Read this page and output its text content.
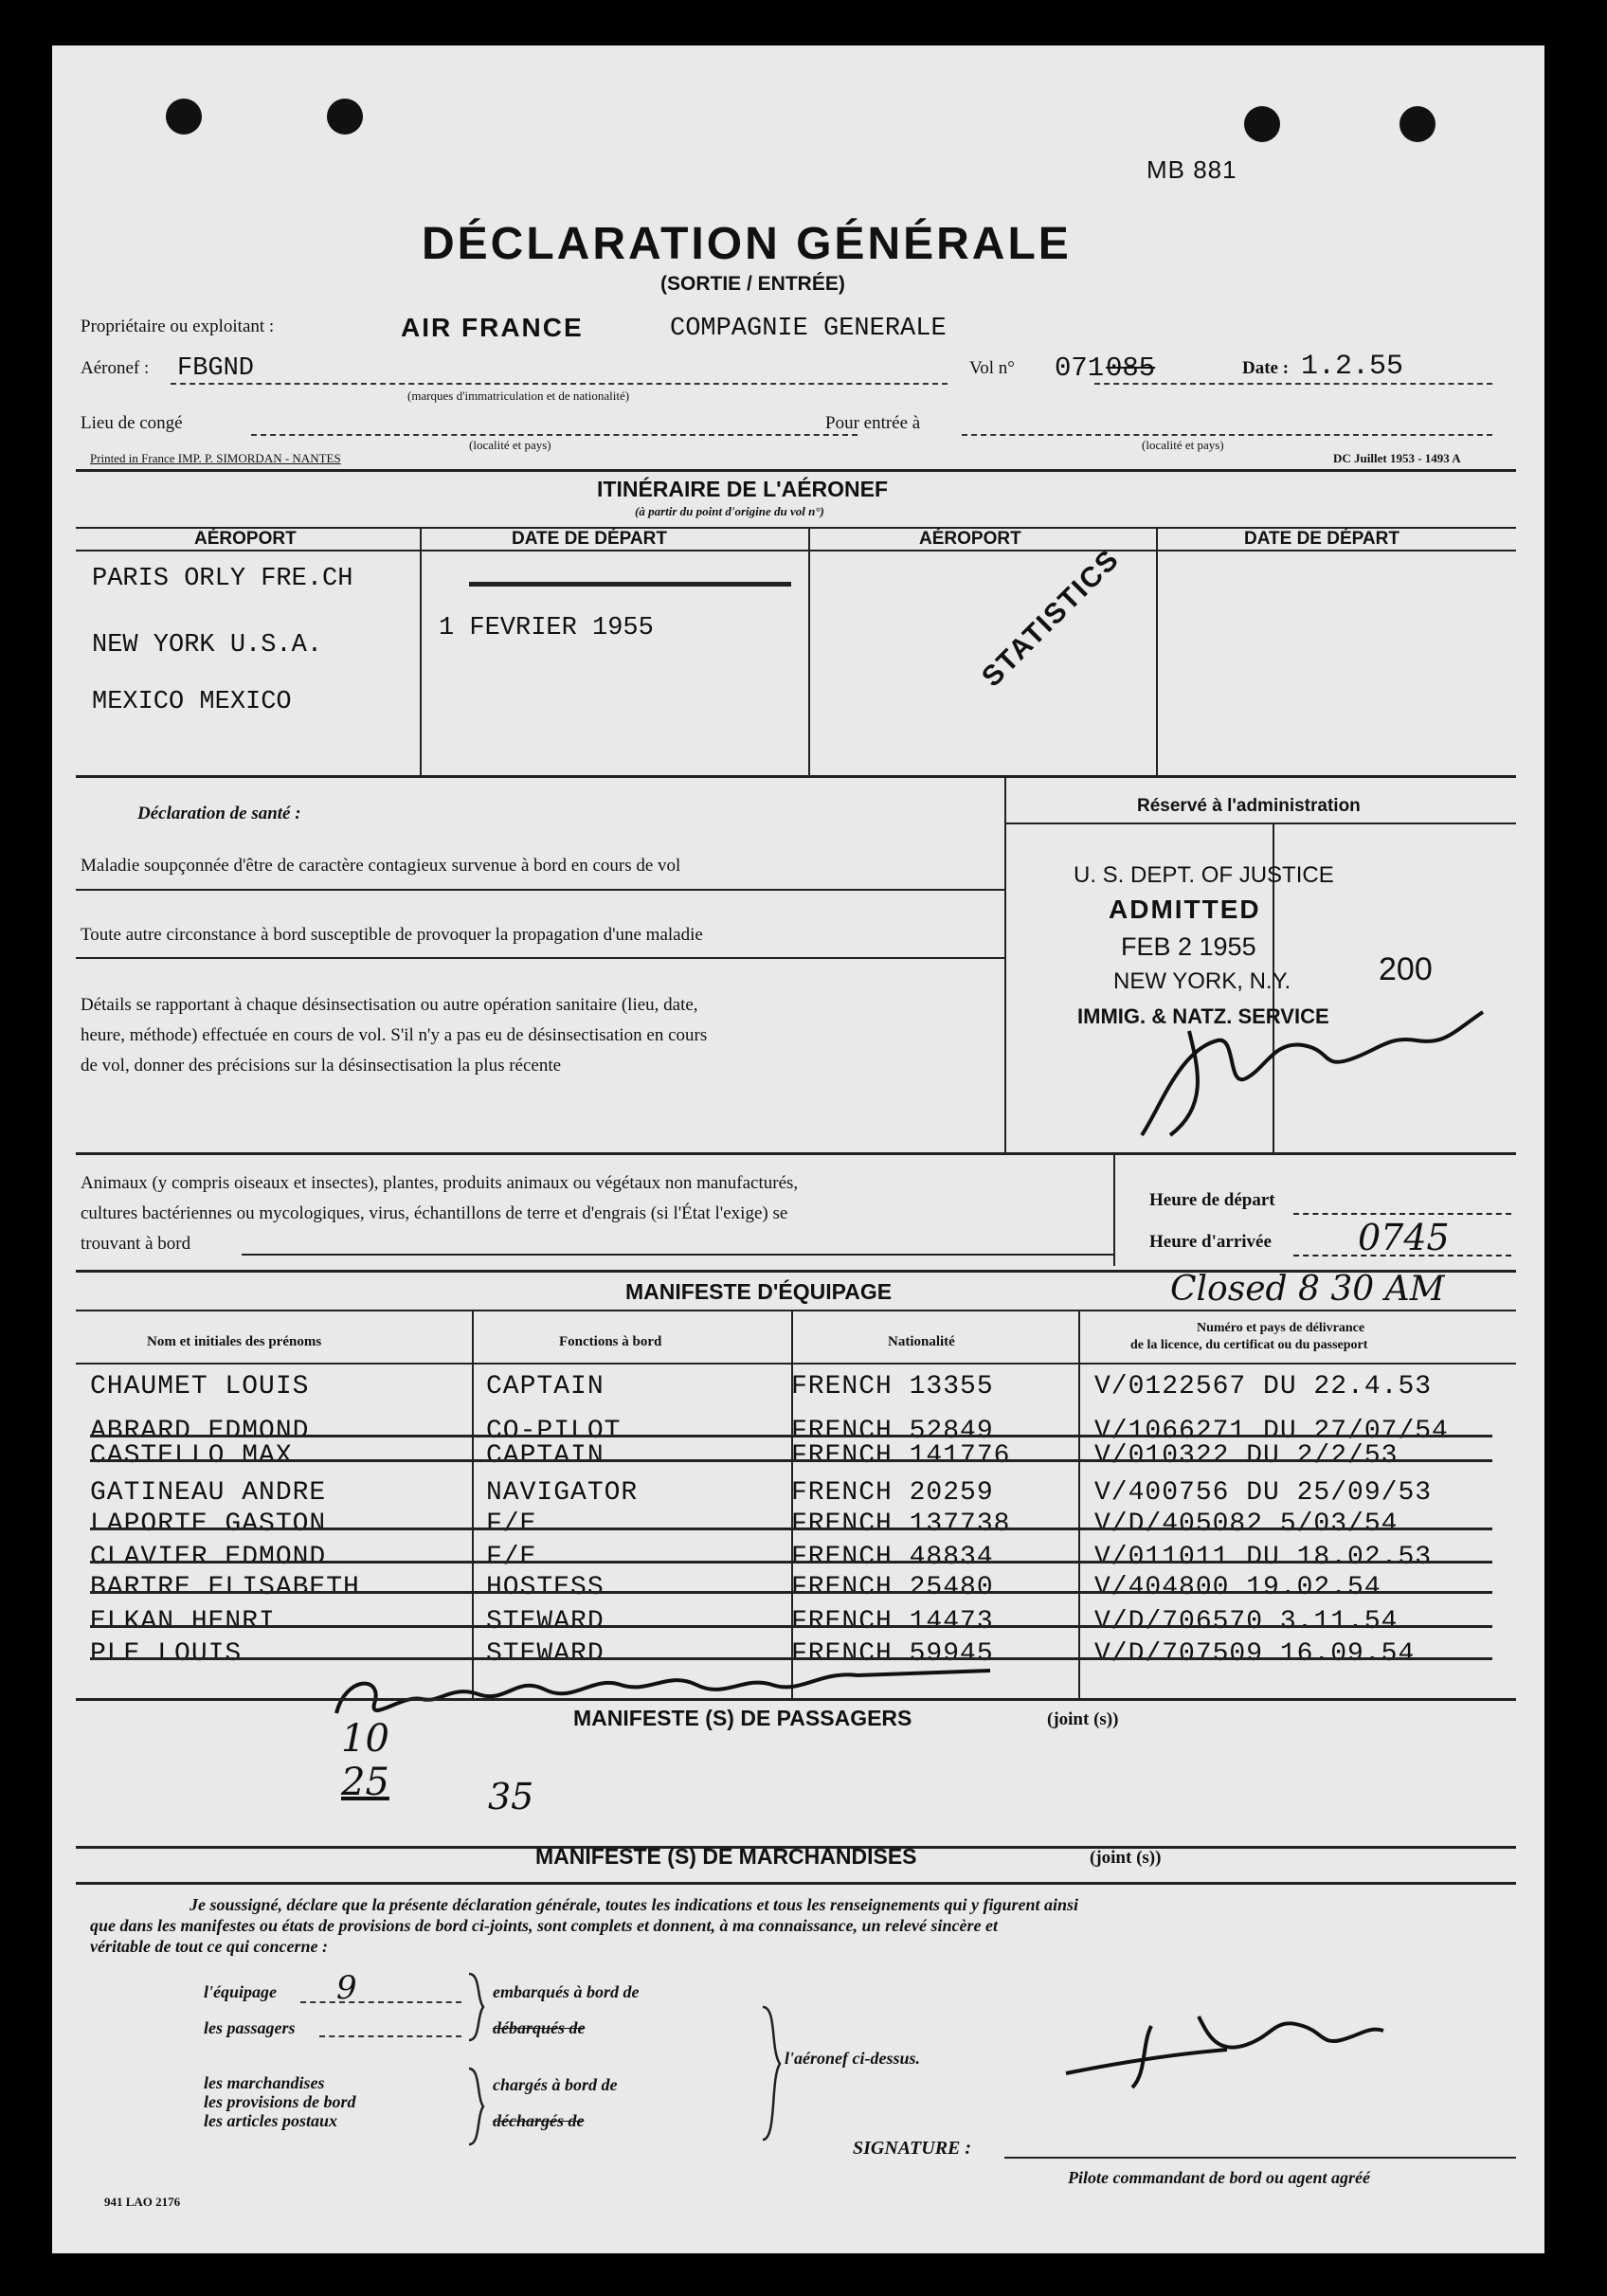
MB 881
DÉCLARATION GÉNÉRALE
(SORTIE / ENTRÉE)
Propriétaire ou exploitant :	AIR FRANCE	COMPAGNIE GENERALE
Aéronef : FBGND
(marques d'immatriculation et de nationalité)
Vol n° 071 085	Date : 1.2.55
Lieu de congé
(localité et pays)
Pour entrée à
(localité et pays)
Printed in France IMP. P. SIMORDAN - NANTES	DC Juillet 1953 - 1493 A
ITINÉRAIRE DE L'AÉRONEF
(à partir du point d'origine du vol n°)
AÉROPORT	DATE DE DÉPART	AÉROPORT	DATE DE DÉPART
PARIS ORLY FRE.CH
NEW YORK U.S.A.
1 FEVRIER 1955
MEXICO MEXICO
STATISTICS
Déclaration de santé :
Maladie soupçonnée d'être de caractère contagieux survenue à bord en cours de vol
Toute autre circonstance à bord susceptible de provoquer la propagation d'une maladie
Détails se rapportant à chaque désinsectisation ou autre opération sanitaire (lieu, date,
heure, méthode) effectuée en cours de vol. S'il n'y a pas eu de désinsectisation en cours
de vol, donner des précisions sur la désinsectisation la plus récente
Réservé à l'administration
U. S. DEPT. OF JUSTICE
ADMITTED
FEB 2 1955
NEW YORK, N.Y.
IMMIG. & NATZ. SERVICE
200
Animaux (y compris oiseaux et insectes), plantes, produits animaux ou végétaux non manufacturés,
cultures bactériennes ou mycologiques, virus, échantillons de terre et d'engrais (si l'État l'exige) se
trouvant à bord
Heure de départ
Heure d'arrivée 0745
MANIFESTE D'ÉQUIPAGE	Closed 8 30 AM
Nom et initiales des prénoms	Fonctions à bord	Nationalité
Numéro et pays de délivrance
de la licence, du certificat ou du passeport
CHAUMET LOUIS	CAPTAIN	FRENCH 13355	V/0122567 DU 22.4.53
ABRARD EDMOND	CO-PILOT	FRENCH 52849	V/1066271 DU 27/07/54
CASTELLO MAX	CAPTAIN	FRENCH 141776	V/010322 DU 2/2/53
GATINEAU ANDRE	NAVIGATOR	FRENCH 20259	V/400756 DU 25/09/53
LAPORTE GASTON	F/E	FRENCH 137738	V/D/405082 5/03/54
CLAVIER EDMOND	F/E	FRENCH 48834	V/011011 DU 18.02.53
BARTRE ELISABETH	HOSTESS	FRENCH 25480	V/404800 19.02.54
ELKAN HENRI	STEWARD	FRENCH 14473	V/D/706570 3.11.54
PLE LOUIS	STEWARD	FRENCH 59945	V/D/707509 16.09.54
MANIFESTE (S) DE PASSAGERS	(joint (s))
10
25	35
MANIFESTE (S) DE MARCHANDISES	(joint (s))
Je soussigné, déclare que la présente déclaration générale, toutes les indications et tous les renseignements qui y figurent ainsi
que dans les manifestes ou états de provisions de bord ci-joints, sont complets et donnent, à ma connaissance, un relevé sincère et
véritable de tout ce qui concerne :
l'équipage 9
les passagers
embarqués à bord de
débarqués de
l'aéronef ci-dessus.
les marchandises
les provisions de bord
les articles postaux
chargés à bord de
déchargés de
SIGNATURE :
Pilote commandant de bord ou agent agréé
941 LAO 2176
